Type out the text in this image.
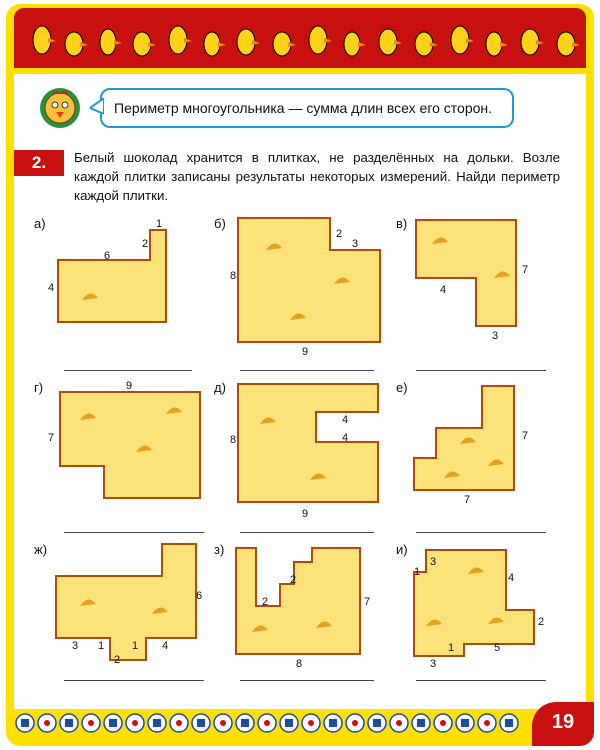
Периметр многоугольника — сумма длин всех его сторон.
2.	Белый шоколад хранится в плитках, не разделённых на дольки. Возле каждой плитки записаны результаты некоторых измерений. Найди периметр каждой плитки.
а)	1
2
6
4
б)
2
3
8
9
в)
7
4
3
г)	9
7
д)
4
8	4
9
е)
7
7
ж)
6
3 1	1 4
2
з)
2
2
7
8
и)
1
3
4
2
1	5
3
19
